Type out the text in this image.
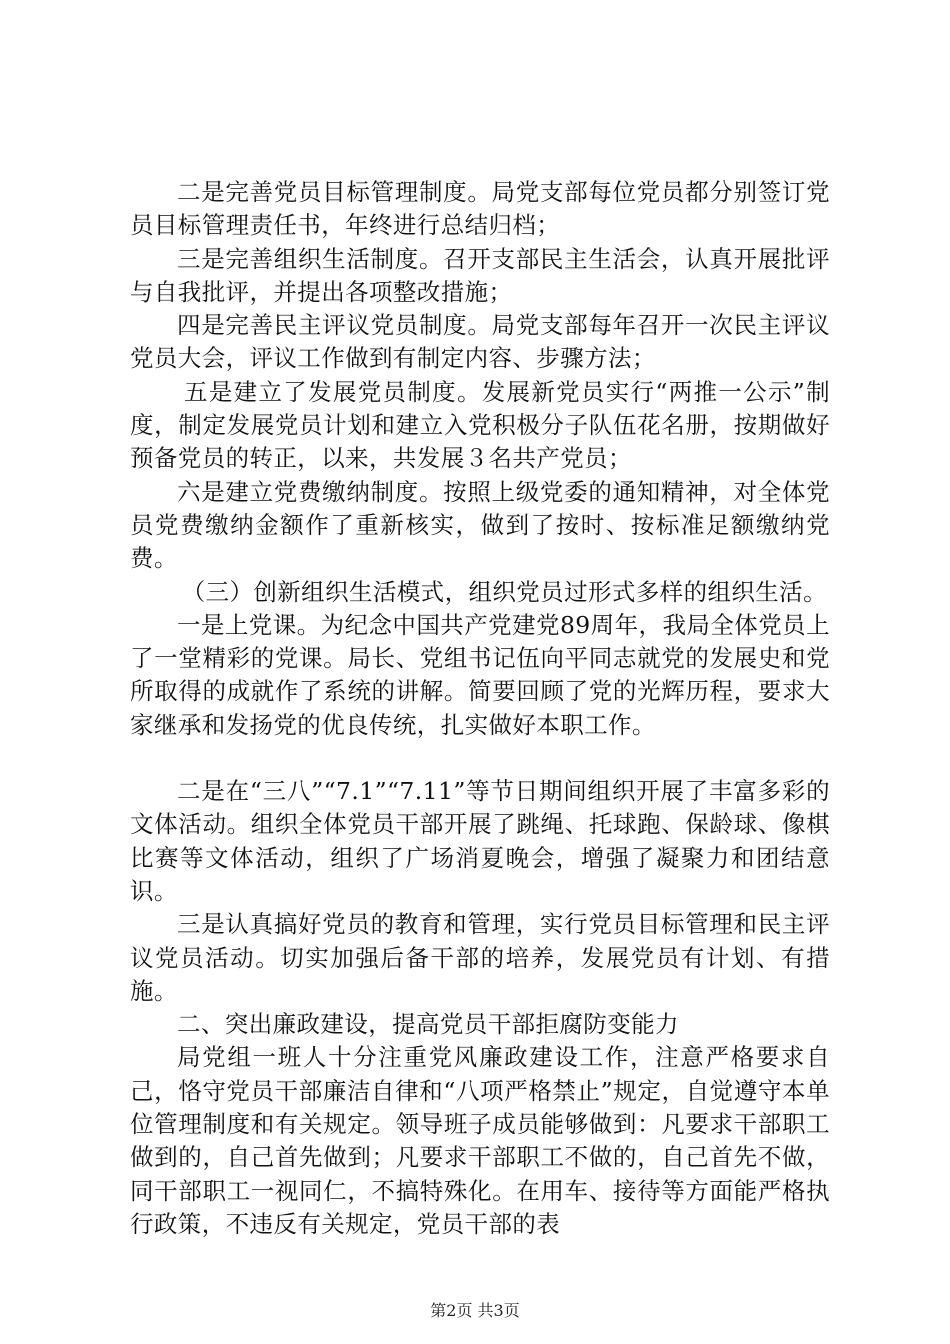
二是完善党员目标管理制度。局党支部每位党员都分别签订党员目标管理责任书，年终进行总结归档；

三是完善组织生活制度。召开支部民主生活会，认真开展批评与自我批评，并提出各项整改措施；

四是完善民主评议党员制度。局党支部每年召开一次民主评议党员大会，评议工作做到有制定内容、步骤方法；

五是建立了发展党员制度。发展新党员实行“两推一公示”制度，制定发展党员计划和建立入党积极分子队伍花名册，按期做好预备党员的转正，以来，共发展３名共产党员；

六是建立党费缴纳制度。按照上级党委的通知精神，对全体党员党费缴纳金额作了重新核实，做到了按时、按标准足额缴纳党费。

（三）创新组织生活模式，组织党员过形式多样的组织生活。

一是上党课。为纪念中国共产党建党89周年，我局全体党员上了一堂精彩的党课。局长、党组书记伍向平同志就党的发展史和党所取得的成就作了系统的讲解。简要回顾了党的光辉历程，要求大家继承和发扬党的优良传统，扎实做好本职工作。

二是在“三八”“7.1”“7.11”等节日期间组织开展了丰富多彩的文体活动。组织全体党员干部开展了跳绳、托球跑、保龄球、像棋比赛等文体活动，组织了广场消夏晚会，增强了凝聚力和团结意识。

三是认真搞好党员的教育和管理，实行党员目标管理和民主评议党员活动。切实加强后备干部的培养，发展党员有计划、有措施。

二、突出廉政建设，提高党员干部拒腐防变能力

局党组一班人十分注重党风廉政建设工作，注意严格要求自己，恪守党员干部廉洁自律和“八项严格禁止”规定，自觉遵守本单位管理制度和有关规定。领导班子成员能够做到：凡要求干部职工做到的，自己首先做到；凡要求干部职工不做的，自己首先不做，同干部职工一视同仁，不搞特殊化。在用车、接待等方面能严格执行政策，不违反有关规定，党员干部的表

第2页 共3页
